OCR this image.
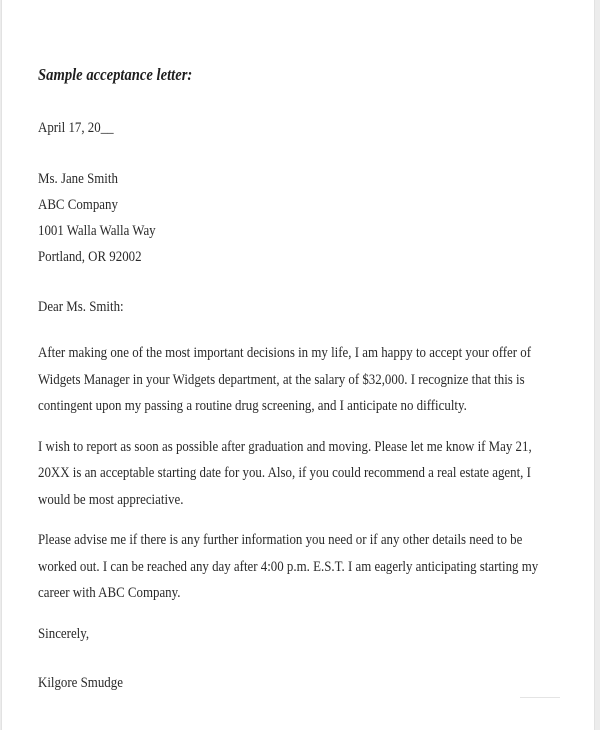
Sample acceptance letter:
April 17, 20__
Ms. Jane Smith
ABC Company
1001 Walla Walla Way
Portland, OR 92002
Dear Ms. Smith:

After making one of the most important decisions in my life, I am happy to accept your offer of Widgets Manager in your Widgets department, at the salary of $32,000. I recognize that this is contingent upon my passing a routine drug screening, and I anticipate no difficulty.

I wish to report as soon as possible after graduation and moving. Please let me know if May 21, 20XX is an acceptable starting date for you. Also, if you could recommend a real estate agent, I would be most appreciative.

Please advise me if there is any further information you need or if any other details need to be worked out. I can be reached any day after 4:00 p.m. E.S.T. I am eagerly anticipating starting my career with ABC Company.

Sincerely,
Kilgore Smudge
